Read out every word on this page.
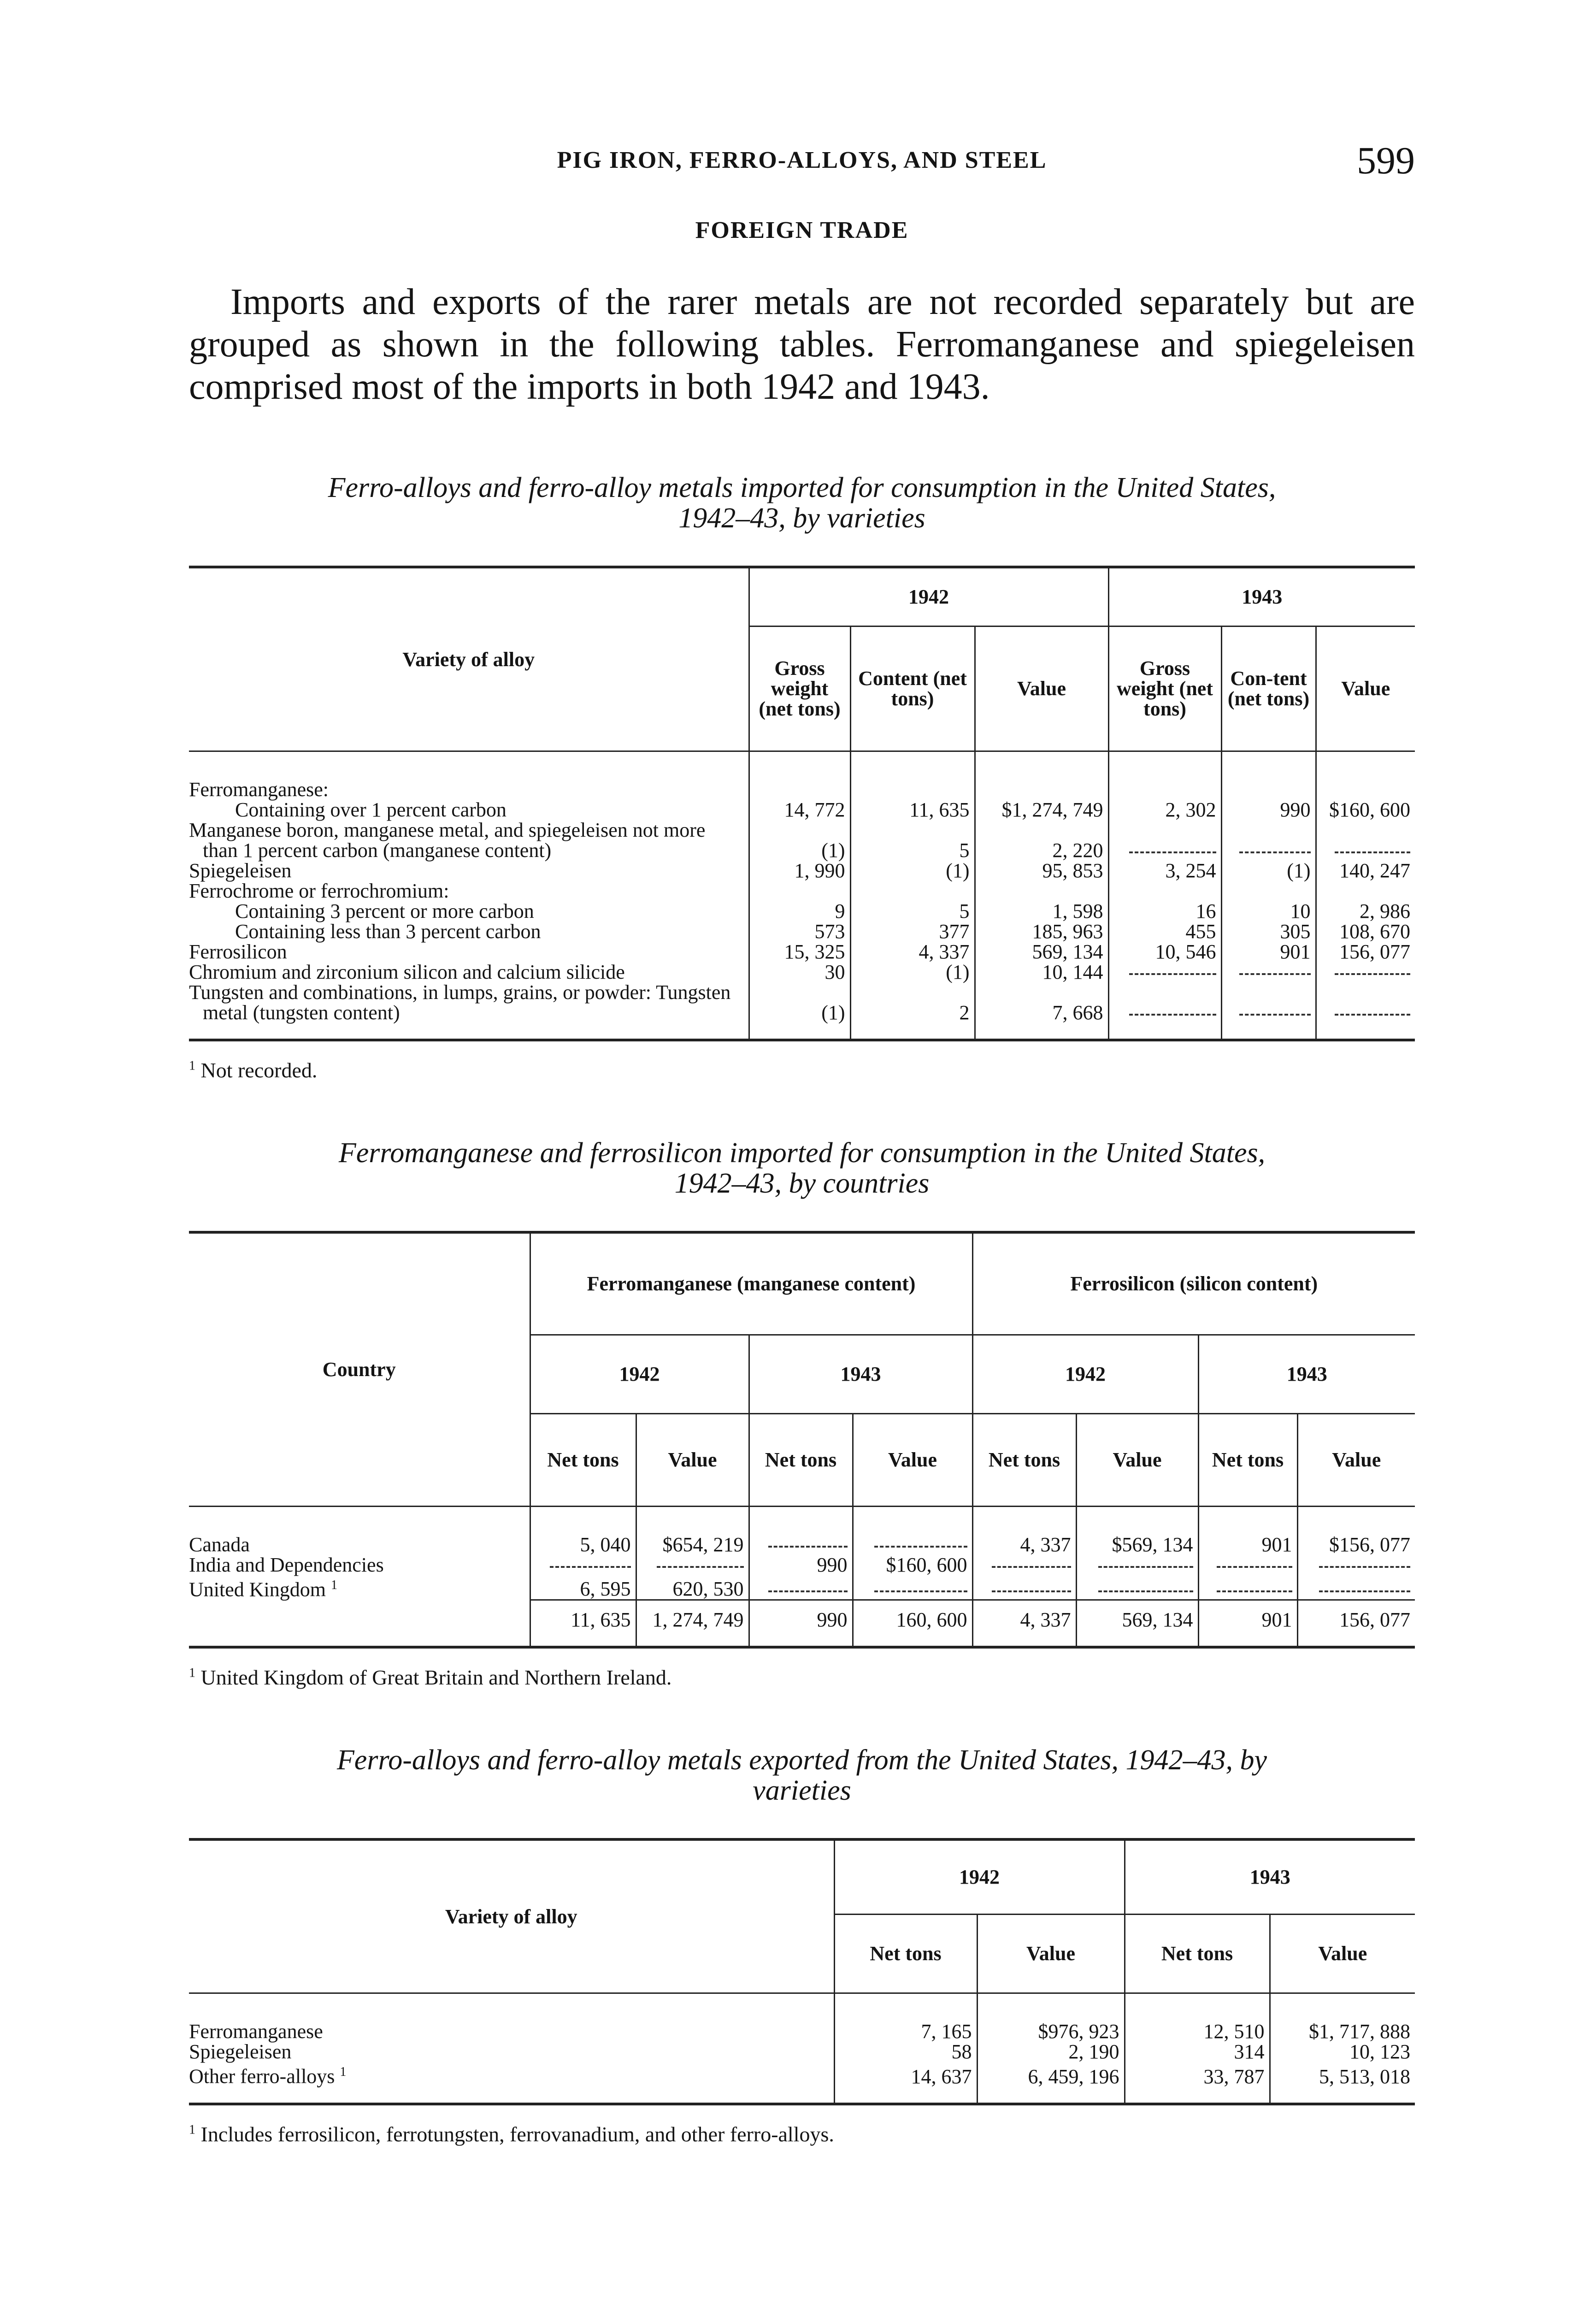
PIG IRON, FERRO-ALLOYS, AND STEEL	599
FOREIGN TRADE

Imports and exports of the rarer metals are not recorded separately but are grouped as shown in the following tables. Ferromanganese and spiegeleisen comprised most of the imports in both 1942 and 1943.

Ferro-alloys and ferro-alloy metals imported for consumption in the United States,
1942–43, by varieties
Variety of alloy	1942			1943		
	Gross weight (net tons)	Content (net tons)	Value	Gross weight (net tons)	Con-tent (net tons)	Value
Ferromanganese:						
Containing over 1 percent carbon	14, 772	11, 635	$1, 274, 749	2, 302	990	$160, 600
Manganese boron, manganese metal, and spiegeleisen not more than 1 percent carbon (manganese content)	(1)	5	2, 220			
Spiegeleisen	1, 990	(1)	95, 853	3, 254	(1)	140, 247
Ferrochrome or ferrochromium:						
Containing 3 percent or more carbon	9	5	1, 598	16	10	2, 986
Containing less than 3 percent carbon	573	377	185, 963	455	305	108, 670
Ferrosilicon	15, 325	4, 337	569, 134	10, 546	901	156, 077
Chromium and zirconium silicon and calcium silicide	30	(1)	10, 144			
Tungsten and combinations, in lumps, grains, or powder: Tungsten metal (tungsten content)	(1)	2	7, 668			
$^1$ Not recorded.
Ferromanganese and ferrosilicon imported for consumption in the United States,
1942–43, by countries
Country	Ferromanganese (manganese content)				Ferrosilicon (silicon content)			
	1942		1943		1942		1943	
	Net tons	Value	Net tons	Value	Net tons	Value	Net tons	Value
Canada	5, 040	$654, 219			4, 337	$569, 134	901	$156, 077
India and Dependencies			990	$160, 600				
United Kingdom $^1$	6, 595	620, 530						
	11, 635	1, 274, 749	990	160, 600	4, 337	569, 134	901	156, 077
$^1$ United Kingdom of Great Britain and Northern Ireland.
Ferro-alloys and ferro-alloy metals exported from the United States, 1942–43, by
varieties
Variety of alloy	1942		1943	
	Net tons	Value	Net tons	Value
Ferromanganese	7, 165	$976, 923	12, 510	$1, 717, 888
Spiegeleisen	58	2, 190	314	10, 123
Other ferro-alloys $^1$	14, 637	6, 459, 196	33, 787	5, 513, 018
$^1$ Includes ferrosilicon, ferrotungsten, ferrovanadium, and other ferro-alloys.
